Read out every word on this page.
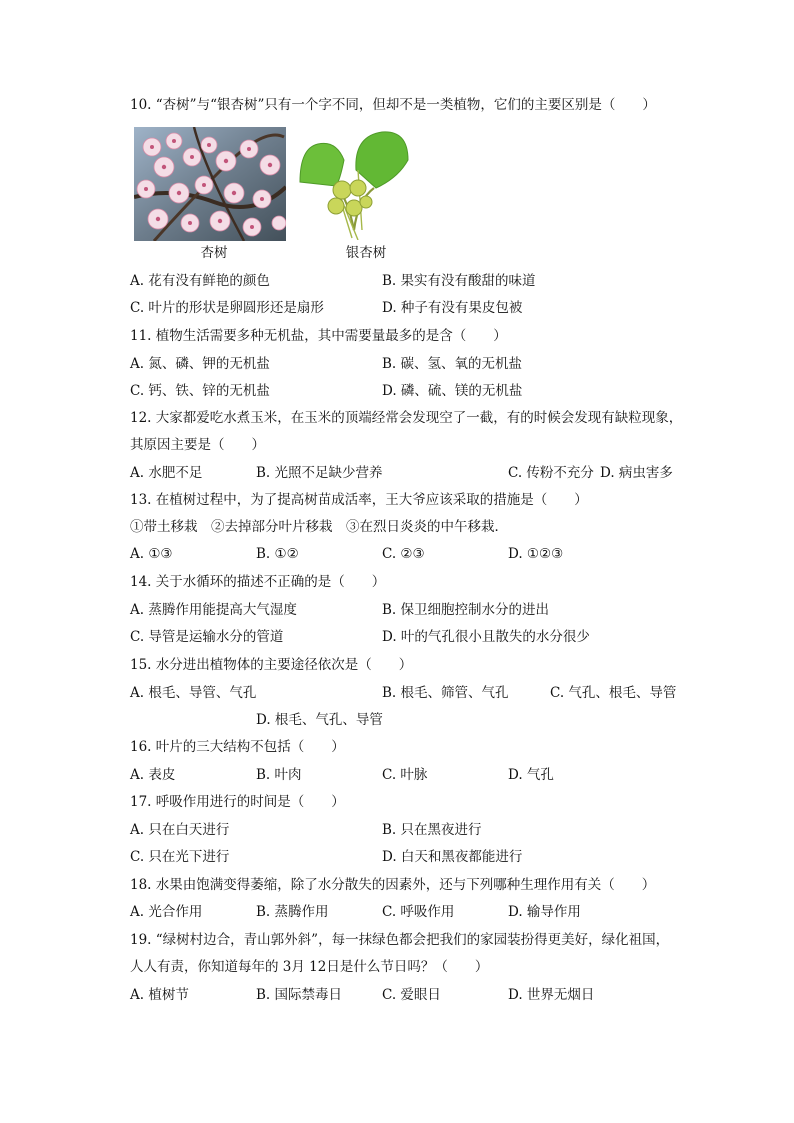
10. “杏树”与“银杏树”只有一个字不同，但却不是一类植物，它们的主要区别是（　　）
杏树	银杏树
A. 花有没有鲜艳的颜色	B. 果实有没有酸甜的味道
C. 叶片的形状是卵圆形还是扇形	D. 种子有没有果皮包被
11. 植物生活需要多种无机盐，其中需要量最多的是含（　　）
A. 氮、磷、钾的无机盐	B. 碳、氢、氧的无机盐
C. 钙、铁、锌的无机盐	D. 磷、硫、镁的无机盐
12. 大家都爱吃水煮玉米，在玉米的顶端经常会发现空了一截，有的时候会发现有缺粒现象，
其原因主要是（　　）
A. 水肥不足	B. 光照不足缺少营养	C. 传粉不充分 D. 病虫害多
13. 在植树过程中，为了提高树苗成活率，王大爷应该采取的措施是（　　）
①带土移栽　②去掉部分叶片移栽　③在烈日炎炎的中午移栽．
A. ①③	B. ①②	C. ②③	D. ①②③
14. 关于水循环的描述不正确的是（　　）
A. 蒸腾作用能提高大气湿度	B. 保卫细胞控制水分的进出
C. 导管是运输水分的管道	D. 叶的气孔很小且散失的水分很少
15. 水分进出植物体的主要途径依次是（　　）
A. 根毛、导管、气孔	B. 根毛、筛管、气孔	C. 气孔、根毛、导管
D. 根毛、气孔、导管
16. 叶片的三大结构不包括（　　）
A. 表皮	B. 叶肉	C. 叶脉	D. 气孔
17. 呼吸作用进行的时间是（　　）
A. 只在白天进行	B. 只在黑夜进行
C. 只在光下进行	D. 白天和黑夜都能进行
18. 水果由饱满变得萎缩，除了水分散失的因素外，还与下列哪种生理作用有关（　　）
A. 光合作用	B. 蒸腾作用	C. 呼吸作用	D. 输导作用
19. “绿树村边合，青山郭外斜”，每一抹绿色都会把我们的家园装扮得更美好，绿化祖国，
人人有责，你知道每年的 3月 12日是什么节日吗？（　　）
A. 植树节	B. 国际禁毒日	C. 爱眼日	D. 世界无烟日
